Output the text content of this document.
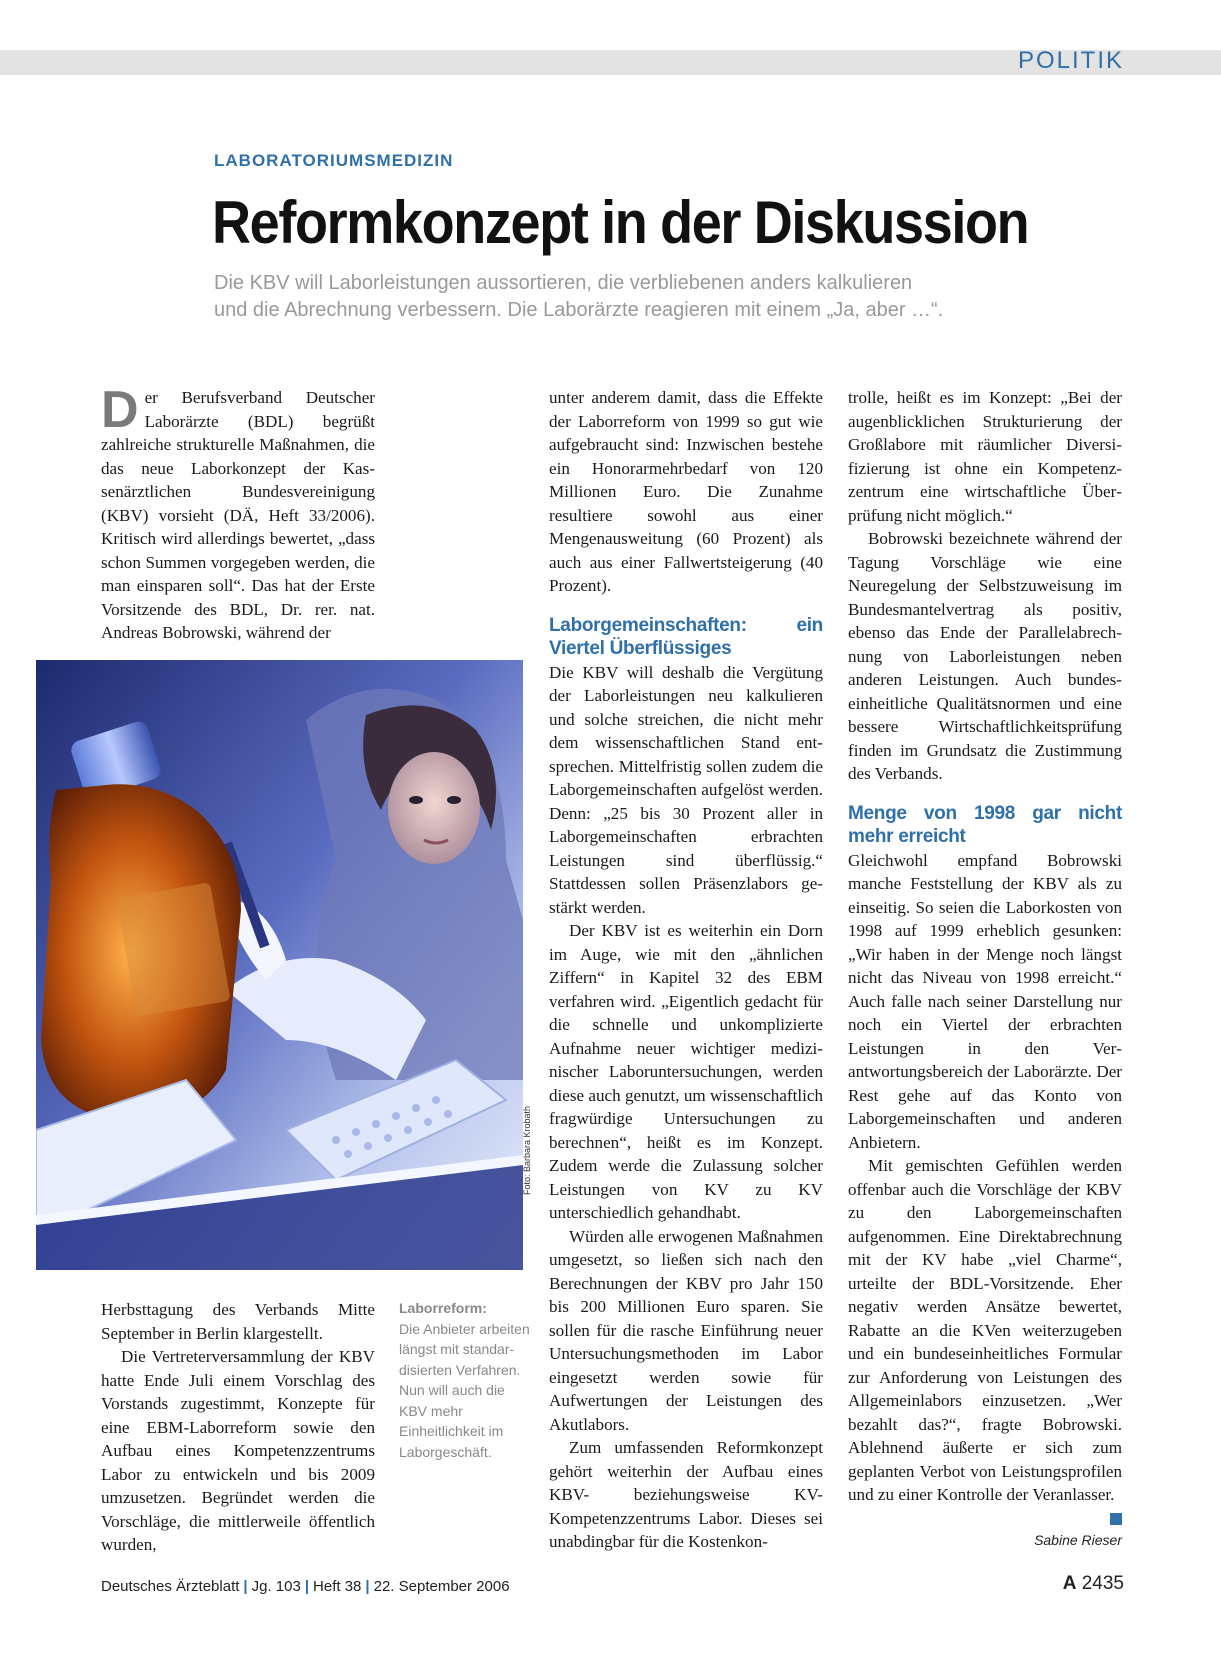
POLITIK

LABORATORIUMSMEDIZIN

Reformkonzept in der Diskussion

Die KBV will Laborleistungen aussortieren, die verbliebenen anders kalkulieren
und die Abrechnung verbessern. Die Laborärzte reagieren mit einem „Ja, aber …“.

Der Berufsverband Deutscher Laborärzte (BDL) begrüßt zahlreiche strukturelle Maßnahmen, die das neue Laborkonzept der Kassenärztlichen Bundesvereinigung (KBV) vorsieht (DÄ, Heft 33/2006). Kritisch wird allerdings bewertet, „dass schon Summen vorgegeben werden, die man einsparen soll“. Das hat der Erste Vorsitzende des BDL, Dr. rer. nat. Andreas Bobrowski, während der

Foto: Barbara Krobath

Herbsttagung des Verbands Mitte September in Berlin klargestellt.

Die Vertreterversammlung der KBV hatte Ende Juli einem Vorschlag des Vorstands zugestimmt, Konzepte für eine EBM-Laborreform sowie den Aufbau eines Kompetenzzentrums Labor zu entwickeln und bis 2009 umzusetzen. Begründet werden die Vorschläge, die mittlerweile öffentlich wurden,

Laborreform:
Die Anbieter arbeiten längst mit standardisierten Verfahren. Nun will auch die KBV mehr Einheitlichkeit im Laborgeschäft.

unter anderem damit, dass die Effekte der Laborreform von 1999 so gut wie aufgebraucht sind: Inzwischen bestehe ein Honorarmehrbedarf von 120 Millionen Euro. Die Zunahme resultiere sowohl aus einer Mengenausweitung (60 Prozent) als auch aus einer Fallwertsteigerung (40 Prozent).

Laborgemeinschaften: ein Viertel Überflüssiges

Die KBV will deshalb die Vergütung der Laborleistungen neu kalkulieren und solche streichen, die nicht mehr dem wissenschaftlichen Stand entsprechen. Mittelfristig sollen zudem die Laborgemeinschaften aufgelöst werden. Denn: „25 bis 30 Prozent aller in Laborgemeinschaften erbrachten Leistungen sind überflüssig.“ Stattdessen sollen Präsenzlabors gestärkt werden.

Der KBV ist es weiterhin ein Dorn im Auge, wie mit den „ähnlichen Ziffern“ in Kapitel 32 des EBM verfahren wird. „Eigentlich gedacht für die schnelle und unkomplizierte Aufnahme neuer wichtiger medizinischer Laboruntersuchungen, werden diese auch genutzt, um wissenschaftlich fragwürdige Untersuchungen zu berechnen“, heißt es im Konzept. Zudem werde die Zulassung solcher Leistungen von KV zu KV unterschiedlich gehandhabt.

Würden alle erwogenen Maßnahmen umgesetzt, so ließen sich nach den Berechnungen der KBV pro Jahr 150 bis 200 Millionen Euro sparen. Sie sollen für die rasche Einführung neuer Untersuchungsmethoden im Labor eingesetzt werden sowie für Aufwertungen der Leistungen des Akutlabors.

Zum umfassenden Reformkonzept gehört weiterhin der Aufbau eines KBV- beziehungsweise KV-Kompetenzzentrums Labor. Dieses sei unabdingbar für die Kostenkon-

trolle, heißt es im Konzept: „Bei der augenblicklichen Strukturierung der Großlabore mit räumlicher Diversifizierung ist ohne ein Kompetenzzentrum eine wirtschaftliche Überprüfung nicht möglich.“

Bobrowski bezeichnete während der Tagung Vorschläge wie eine Neuregelung der Selbstzuweisung im Bundesmantelvertrag als positiv, ebenso das Ende der Parallelabrechnung von Laborleistungen neben anderen Leistungen. Auch bundeseinheitliche Qualitätsnormen und eine bessere Wirtschaftlichkeitsprüfung finden im Grundsatz die Zustimmung des Verbands.

Menge von 1998 gar nicht mehr erreicht

Gleichwohl empfand Bobrowski manche Feststellung der KBV als zu einseitig. So seien die Laborkosten von 1998 auf 1999 erheblich gesunken: „Wir haben in der Menge noch längst nicht das Niveau von 1998 erreicht.“ Auch falle nach seiner Darstellung nur noch ein Viertel der erbrachten Leistungen in den Verantwortungsbereich der Laborärzte. Der Rest gehe auf das Konto von Laborgemeinschaften und anderen Anbietern.

Mit gemischten Gefühlen werden offenbar auch die Vorschläge der KBV zu den Laborgemeinschaften aufgenommen. Eine Direktabrechnung mit der KV habe „viel Charme“, urteilte der BDL-Vorsitzende. Eher negativ werden Ansätze bewertet, Rabatte an die KVen weiterzugeben und ein bundeseinheitliches Formular zur Anforderung von Leistungen des Allgemeinlabors einzusetzen. „Wer bezahlt das?“, fragte Bobrowski. Ablehnend äußerte er sich zum geplanten Verbot von Leistungsprofilen und zu einer Kontrolle der Veranlasser.

Sabine Rieser

Deutsches Ärzteblatt | Jg. 103 | Heft 38 | 22. September 2006	A 2435
